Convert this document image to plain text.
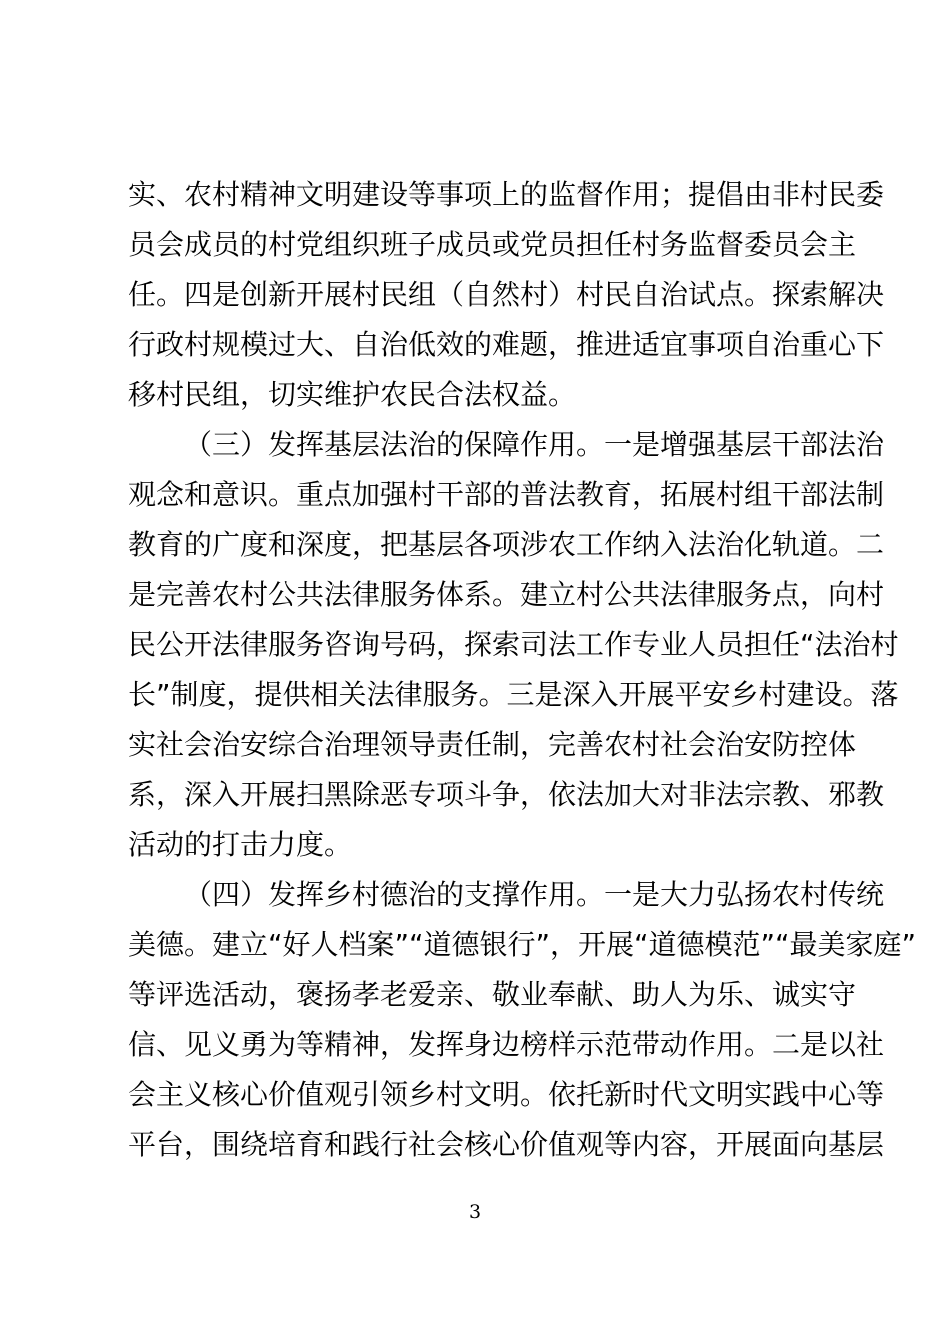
实、农村精神文明建设等事项上的监督作用；提倡由非村民委
员会成员的村党组织班子成员或党员担任村务监督委员会主
任。四是创新开展村民组（自然村）村民自治试点。探索解决
行政村规模过大、自治低效的难题，推进适宜事项自治重心下
移村民组，切实维护农民合法权益。
（三）发挥基层法治的保障作用。一是增强基层干部法治
观念和意识。重点加强村干部的普法教育，拓展村组干部法制
教育的广度和深度，把基层各项涉农工作纳入法治化轨道。二
是完善农村公共法律服务体系。建立村公共法律服务点，向村
民公开法律服务咨询号码，探索司法工作专业人员担任“法治村
长”制度，提供相关法律服务。三是深入开展平安乡村建设。落
实社会治安综合治理领导责任制，完善农村社会治安防控体
系，深入开展扫黑除恶专项斗争，依法加大对非法宗教、邪教
活动的打击力度。
（四）发挥乡村德治的支撑作用。一是大力弘扬农村传统
美德。建立“好人档案”“道德银行”，开展“道德模范”“最美家庭”
等评选活动，褒扬孝老爱亲、敬业奉献、助人为乐、诚实守
信、见义勇为等精神，发挥身边榜样示范带动作用。二是以社
会主义核心价值观引领乡村文明。依托新时代文明实践中心等
平台，围绕培育和践行社会核心价值观等内容，开展面向基层
3
